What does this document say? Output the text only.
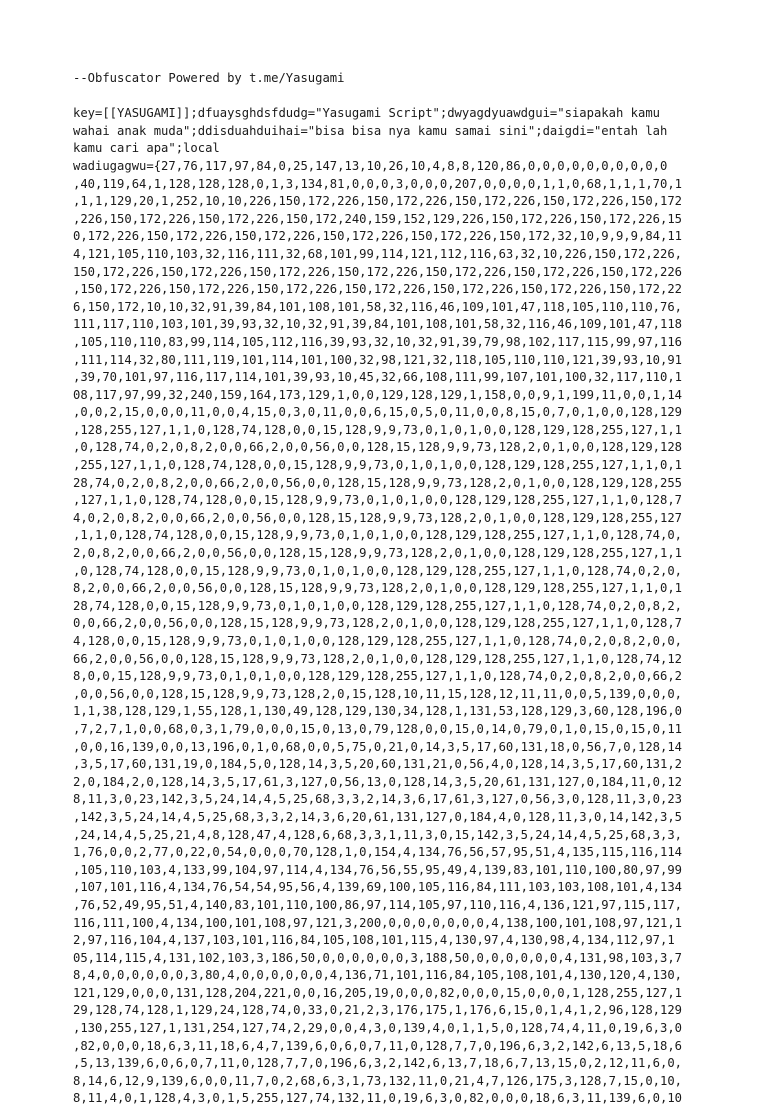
--Obfuscator Powered by t.me/Yasugami
key=[[YASUGAMI]];dfuaysghdsfdudg="Yasugami Script";dwyagdyuawdgui="siapakah kamu
wahai anak muda";ddisduahduihai="bisa bisa nya kamu samai sini";daigdi="entah lah
kamu cari apa";local
wadiugagwu={27,76,117,97,84,0,25,147,13,10,26,10,4,8,8,120,86,0,0,0,0,0,0,0,0,0,0
,40,119,64,1,128,128,128,0,1,3,134,81,0,0,0,3,0,0,0,207,0,0,0,0,1,1,0,68,1,1,1,70,1
,1,1,129,20,1,252,10,10,226,150,172,226,150,172,226,150,172,226,150,172,226,150,172
,226,150,172,226,150,172,226,150,172,240,159,152,129,226,150,172,226,150,172,226,15
0,172,226,150,172,226,150,172,226,150,172,226,150,172,226,150,172,32,10,9,9,9,84,11
4,121,105,110,103,32,116,111,32,68,101,99,114,121,112,116,63,32,10,226,150,172,226,
150,172,226,150,172,226,150,172,226,150,172,226,150,172,226,150,172,226,150,172,226
,150,172,226,150,172,226,150,172,226,150,172,226,150,172,226,150,172,226,150,172,22
6,150,172,10,10,32,91,39,84,101,108,101,58,32,116,46,109,101,47,118,105,110,110,76,
111,117,110,103,101,39,93,32,10,32,91,39,84,101,108,101,58,32,116,46,109,101,47,118
,105,110,110,83,99,114,105,112,116,39,93,32,10,32,91,39,79,98,102,117,115,99,97,116
,111,114,32,80,111,119,101,114,101,100,32,98,121,32,118,105,110,110,121,39,93,10,91
,39,70,101,97,116,117,114,101,39,93,10,45,32,66,108,111,99,107,101,100,32,117,110,1
08,117,97,99,32,240,159,164,173,129,1,0,0,129,128,129,1,158,0,0,9,1,199,11,0,0,1,14
,0,0,2,15,0,0,0,11,0,0,4,15,0,3,0,11,0,0,6,15,0,5,0,11,0,0,8,15,0,7,0,1,0,0,128,129
,128,255,127,1,1,0,128,74,128,0,0,15,128,9,9,73,0,1,0,1,0,0,128,129,128,255,127,1,1
,0,128,74,0,2,0,8,2,0,0,66,2,0,0,56,0,0,128,15,128,9,9,73,128,2,0,1,0,0,128,129,128
,255,127,1,1,0,128,74,128,0,0,15,128,9,9,73,0,1,0,1,0,0,128,129,128,255,127,1,1,0,1
28,74,0,2,0,8,2,0,0,66,2,0,0,56,0,0,128,15,128,9,9,73,128,2,0,1,0,0,128,129,128,255
,127,1,1,0,128,74,128,0,0,15,128,9,9,73,0,1,0,1,0,0,128,129,128,255,127,1,1,0,128,7
4,0,2,0,8,2,0,0,66,2,0,0,56,0,0,128,15,128,9,9,73,128,2,0,1,0,0,128,129,128,255,127
,1,1,0,128,74,128,0,0,15,128,9,9,73,0,1,0,1,0,0,128,129,128,255,127,1,1,0,128,74,0,
2,0,8,2,0,0,66,2,0,0,56,0,0,128,15,128,9,9,73,128,2,0,1,0,0,128,129,128,255,127,1,1
,0,128,74,128,0,0,15,128,9,9,73,0,1,0,1,0,0,128,129,128,255,127,1,1,0,128,74,0,2,0,
8,2,0,0,66,2,0,0,56,0,0,128,15,128,9,9,73,128,2,0,1,0,0,128,129,128,255,127,1,1,0,1
28,74,128,0,0,15,128,9,9,73,0,1,0,1,0,0,128,129,128,255,127,1,1,0,128,74,0,2,0,8,2,
0,0,66,2,0,0,56,0,0,128,15,128,9,9,73,128,2,0,1,0,0,128,129,128,255,127,1,1,0,128,7
4,128,0,0,15,128,9,9,73,0,1,0,1,0,0,128,129,128,255,127,1,1,0,128,74,0,2,0,8,2,0,0,
66,2,0,0,56,0,0,128,15,128,9,9,73,128,2,0,1,0,0,128,129,128,255,127,1,1,0,128,74,12
8,0,0,15,128,9,9,73,0,1,0,1,0,0,128,129,128,255,127,1,1,0,128,74,0,2,0,8,2,0,0,66,2
,0,0,56,0,0,128,15,128,9,9,73,128,2,0,15,128,10,11,15,128,12,11,11,0,0,5,139,0,0,0,
1,1,38,128,129,1,55,128,1,130,49,128,129,130,34,128,1,131,53,128,129,3,60,128,196,0
,7,2,7,1,0,0,68,0,3,1,79,0,0,0,15,0,13,0,79,128,0,0,15,0,14,0,79,0,1,0,15,0,15,0,11
,0,0,16,139,0,0,13,196,0,1,0,68,0,0,5,75,0,21,0,14,3,5,17,60,131,18,0,56,7,0,128,14
,3,5,17,60,131,19,0,184,5,0,128,14,3,5,20,60,131,21,0,56,4,0,128,14,3,5,17,60,131,2
2,0,184,2,0,128,14,3,5,17,61,3,127,0,56,13,0,128,14,3,5,20,61,131,127,0,184,11,0,12
8,11,3,0,23,142,3,5,24,14,4,5,25,68,3,3,2,14,3,6,17,61,3,127,0,56,3,0,128,11,3,0,23
,142,3,5,24,14,4,5,25,68,3,3,2,14,3,6,20,61,131,127,0,184,4,0,128,11,3,0,14,142,3,5
,24,14,4,5,25,21,4,8,128,47,4,128,6,68,3,3,1,11,3,0,15,142,3,5,24,14,4,5,25,68,3,3,
1,76,0,0,2,77,0,22,0,54,0,0,0,70,128,1,0,154,4,134,76,56,57,95,51,4,135,115,116,114
,105,110,103,4,133,99,104,97,114,4,134,76,56,55,95,49,4,139,83,101,110,100,80,97,99
,107,101,116,4,134,76,54,54,95,56,4,139,69,100,105,116,84,111,103,103,108,101,4,134
,76,52,49,95,51,4,140,83,101,110,100,86,97,114,105,97,110,116,4,136,121,97,115,117,
116,111,100,4,134,100,101,108,97,121,3,200,0,0,0,0,0,0,0,4,138,100,101,108,97,121,1
2,97,116,104,4,137,103,101,116,84,105,108,101,115,4,130,97,4,130,98,4,134,112,97,1
05,114,115,4,131,102,103,3,186,50,0,0,0,0,0,0,3,188,50,0,0,0,0,0,0,4,131,98,103,3,7
8,4,0,0,0,0,0,0,3,80,4,0,0,0,0,0,0,4,136,71,101,116,84,105,108,101,4,130,120,4,130,
121,129,0,0,0,131,128,204,221,0,0,16,205,19,0,0,0,82,0,0,0,15,0,0,0,1,128,255,127,1
29,128,74,128,1,129,24,128,74,0,33,0,21,2,3,176,175,1,176,6,15,0,1,4,1,2,96,128,129
,130,255,127,1,131,254,127,74,2,29,0,0,4,3,0,139,4,0,1,1,5,0,128,74,4,11,0,19,6,3,0
,82,0,0,0,18,6,3,11,18,6,4,7,139,6,0,6,0,7,11,0,128,7,7,0,196,6,3,2,142,6,13,5,18,6
,5,13,139,6,0,6,0,7,11,0,128,7,7,0,196,6,3,2,142,6,13,7,18,6,7,13,15,0,2,12,11,6,0,
8,14,6,12,9,139,6,0,0,11,7,0,2,68,6,3,1,73,132,11,0,21,4,7,126,175,3,128,7,15,0,10,
8,11,4,0,1,128,4,3,0,1,5,255,127,74,132,11,0,19,6,3,0,82,0,0,0,18,6,3,11,139,6,0,10
